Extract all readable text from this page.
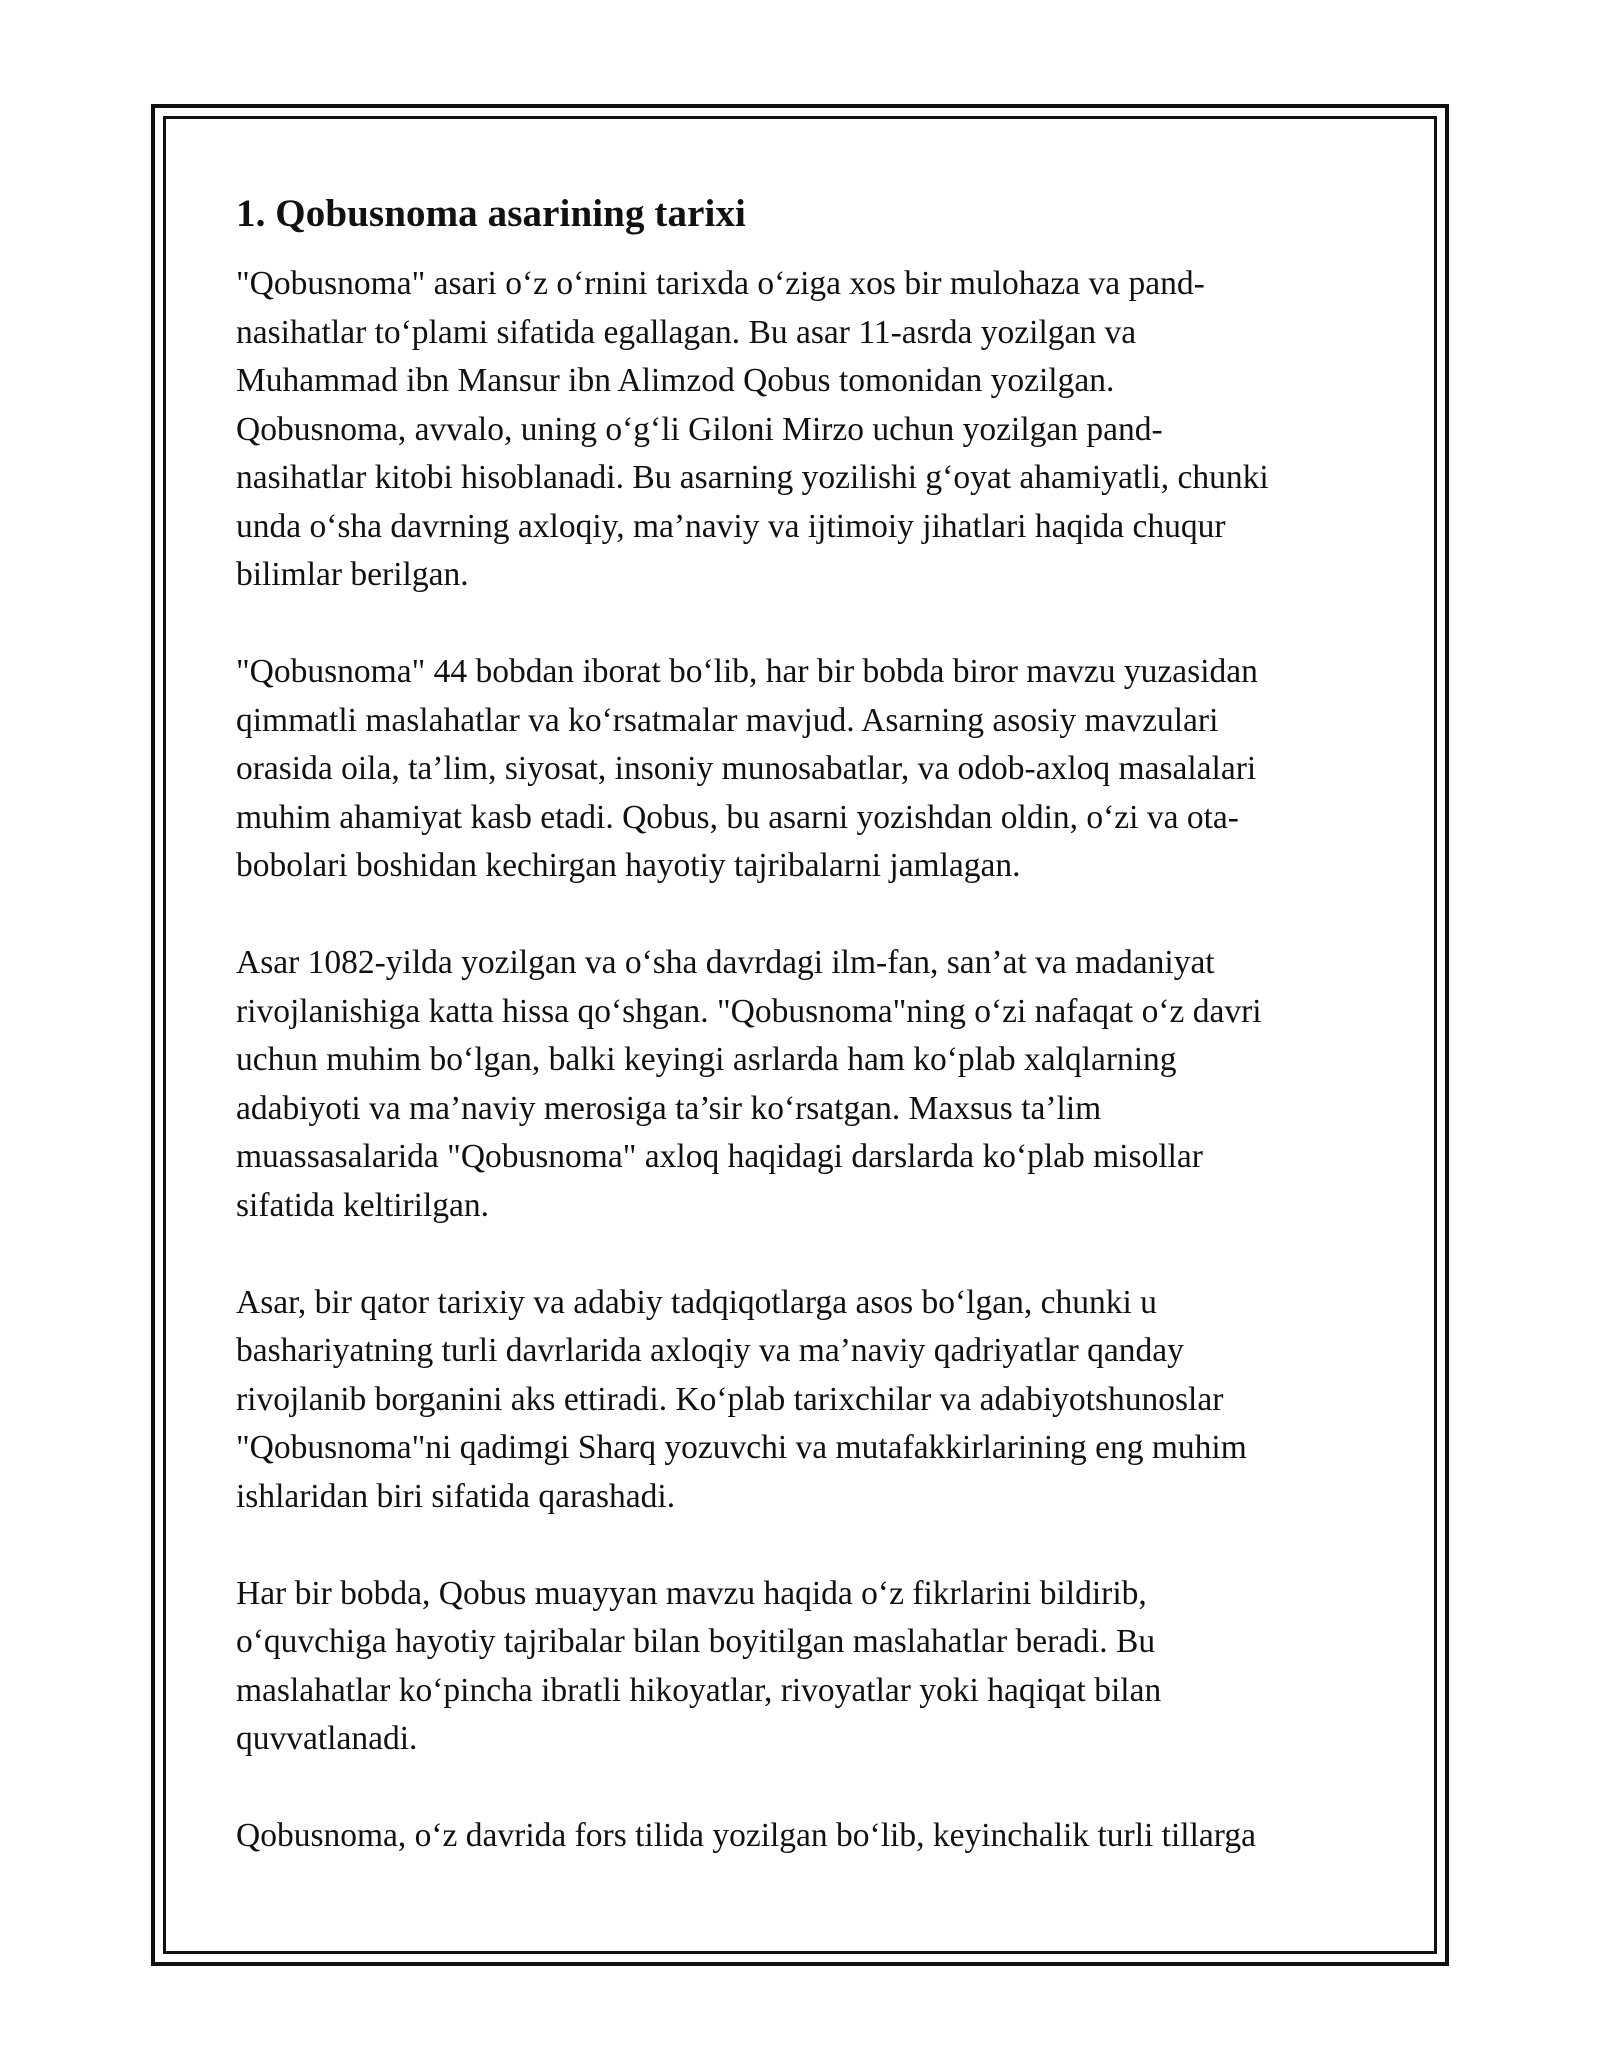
1. Qobusnoma asarining tarixi

"Qobusnoma" asari o‘z o‘rnini tarixda o‘ziga xos bir mulohaza va pand-
nasihatlar to‘plami sifatida egallagan. Bu asar 11-asrda yozilgan va
Muhammad ibn Mansur ibn Alimzod Qobus tomonidan yozilgan.
Qobusnoma, avvalo, uning o‘g‘li Giloni Mirzo uchun yozilgan pand-
nasihatlar kitobi hisoblanadi. Bu asarning yozilishi g‘oyat ahamiyatli, chunki
unda o‘sha davrning axloqiy, ma’naviy va ijtimoiy jihatlari haqida chuqur
bilimlar berilgan.

"Qobusnoma" 44 bobdan iborat bo‘lib, har bir bobda biror mavzu yuzasidan
qimmatli maslahatlar va ko‘rsatmalar mavjud. Asarning asosiy mavzulari
orasida oila, ta’lim, siyosat, insoniy munosabatlar, va odob-axloq masalalari
muhim ahamiyat kasb etadi. Qobus, bu asarni yozishdan oldin, o‘zi va ota-
bobolari boshidan kechirgan hayotiy tajribalarni jamlagan.

Asar 1082-yilda yozilgan va o‘sha davrdagi ilm-fan, san’at va madaniyat
rivojlanishiga katta hissa qo‘shgan. "Qobusnoma"ning o‘zi nafaqat o‘z davri
uchun muhim bo‘lgan, balki keyingi asrlarda ham ko‘plab xalqlarning
adabiyoti va ma’naviy merosiga ta’sir ko‘rsatgan. Maxsus ta’lim
muassasalarida "Qobusnoma" axloq haqidagi darslarda ko‘plab misollar
sifatida keltirilgan.

Asar, bir qator tarixiy va adabiy tadqiqotlarga asos bo‘lgan, chunki u
bashariyatning turli davrlarida axloqiy va ma’naviy qadriyatlar qanday
rivojlanib borganini aks ettiradi. Ko‘plab tarixchilar va adabiyotshunoslar
"Qobusnoma"ni qadimgi Sharq yozuvchi va mutafakkirlarining eng muhim
ishlaridan biri sifatida qarashadi.

Har bir bobda, Qobus muayyan mavzu haqida o‘z fikrlarini bildirib,
o‘quvchiga hayotiy tajribalar bilan boyitilgan maslahatlar beradi. Bu
maslahatlar ko‘pincha ibratli hikoyatlar, rivoyatlar yoki haqiqat bilan
quvvatlanadi.

Qobusnoma, o‘z davrida fors tilida yozilgan bo‘lib, keyinchalik turli tillarga
